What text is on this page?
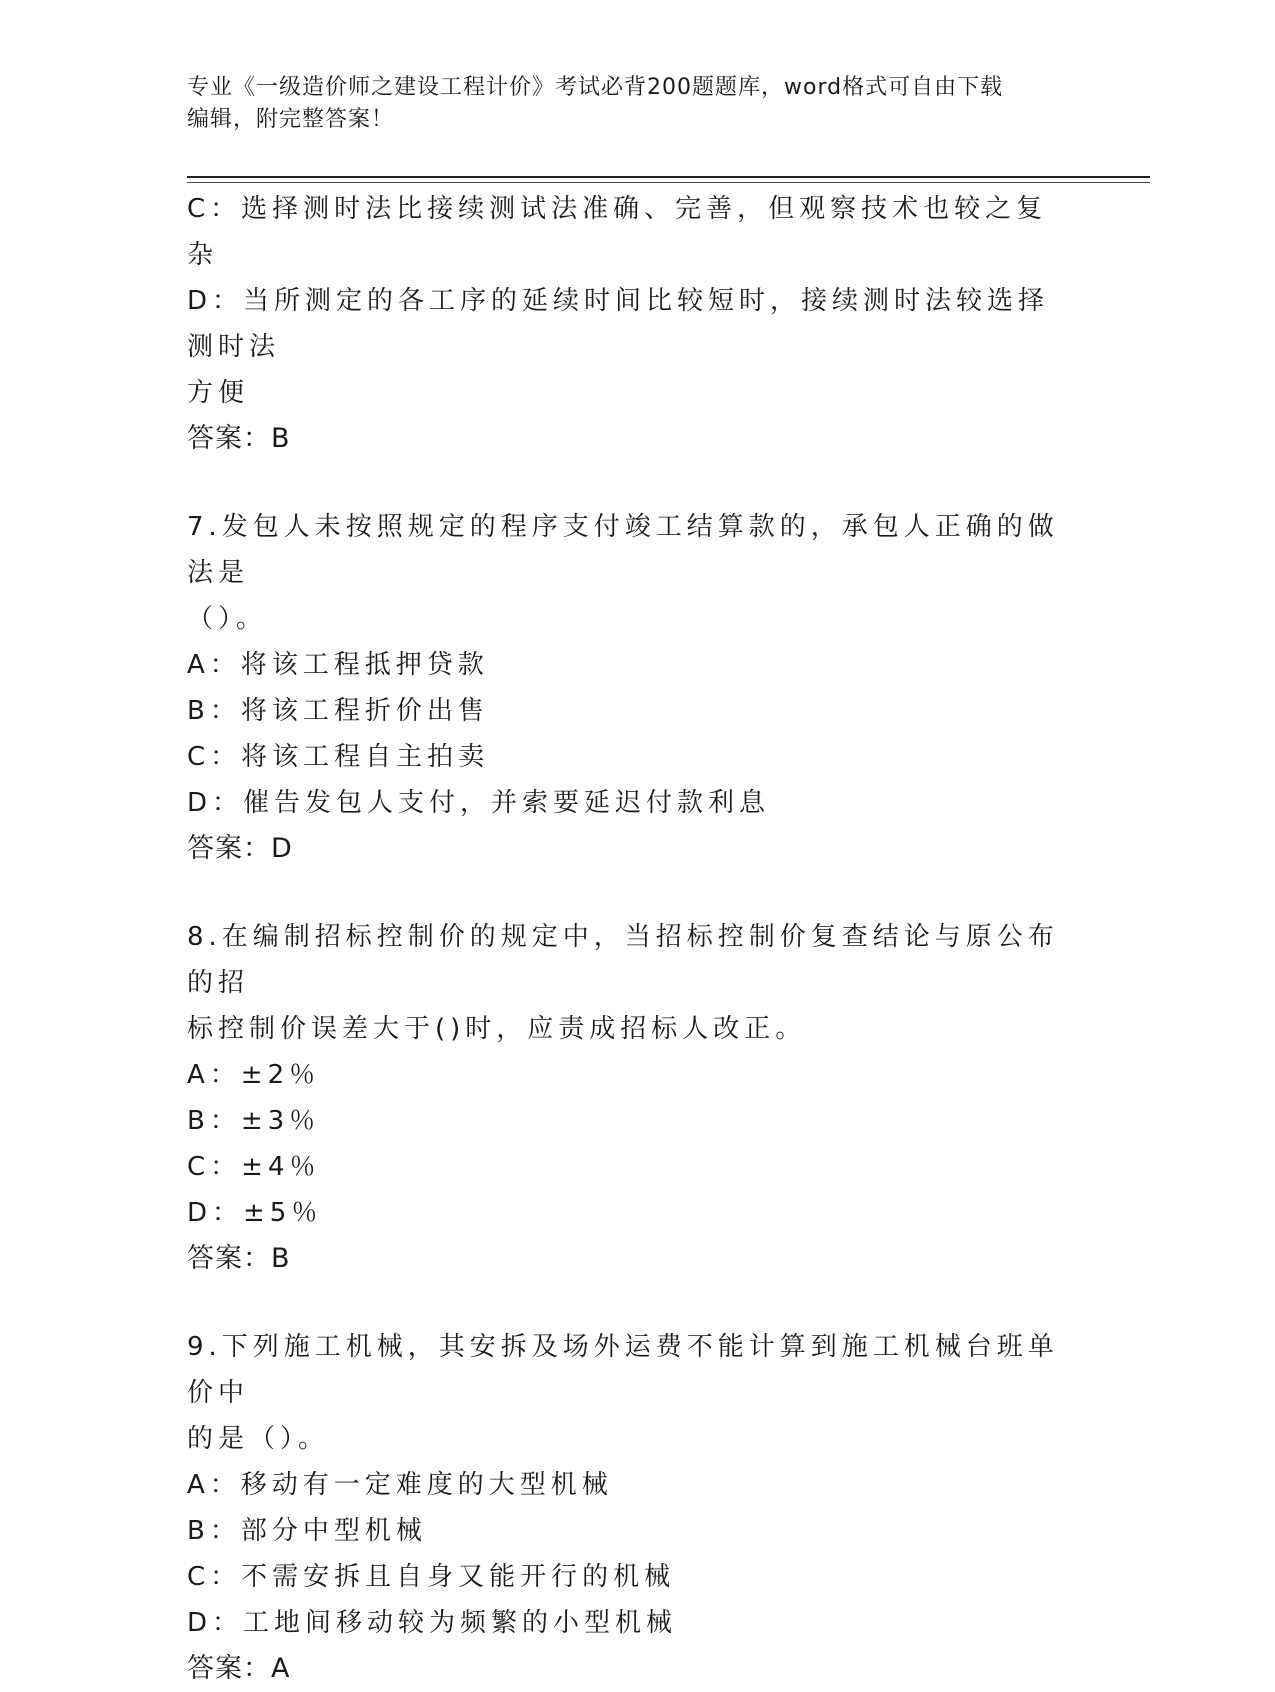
专业《一级造价师之建设工程计价》考试必背200题题库，word格式可自由下载
编辑，附完整答案！
C：选择测时法比接续测试法准确、完善，但观察技术也较之复杂
D：当所测定的各工序的延续时间比较短时，接续测时法较选择测时法
方便
答案：B
7.发包人未按照规定的程序支付竣工结算款的，承包人正确的做法是
（）。
A：将该工程抵押贷款
B：将该工程折价出售
C：将该工程自主拍卖
D：催告发包人支付，并索要延迟付款利息
答案：D
8.在编制招标控制价的规定中，当招标控制价复查结论与原公布的招
标控制价误差大于()时，应责成招标人改正。
A：±2％
B：±3％
C：±4％
D：±5％
答案：B
9.下列施工机械，其安拆及场外运费不能计算到施工机械台班单价中
的是（）。
A：移动有一定难度的大型机械
B：部分中型机械
C：不需安拆且自身又能开行的机械
D：工地间移动较为频繁的小型机械
答案：A
